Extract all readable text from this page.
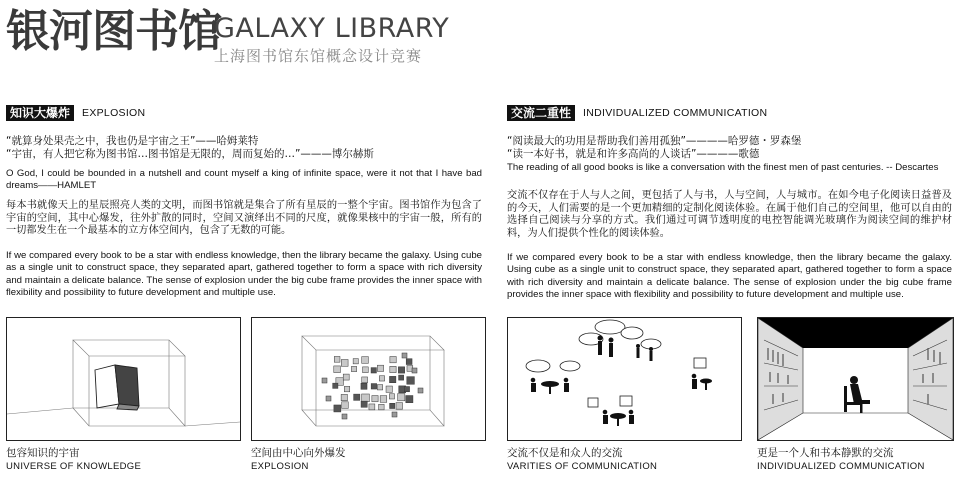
银河图书馆
GALAXY LIBRARY
上海图书馆东馆概念设计竞赛
知识大爆炸	EXPLOSION
“就算身处果壳之中，我也仍是宇宙之王”——哈姆莱特
“宇宙，有人把它称为图书馆…图书馆是无限的，周而复始的…”———博尔赫斯
O God, I could be bounded in a nutshell and count myself a king of infinite space, were it not that I have bad dreams——HAMLET
每本书就像天上的星辰照亮人类的文明，而图书馆就是集合了所有星辰的一整个宇宙。图书馆作为包含了宇宙的空间，其中心爆发，往外扩散的同时，空间又演绎出不同的尺度，就像果核中的宇宙一般，所有的一切都发生在一个最基本的立方体空间内，包含了无数的可能。
If we compared every book to be a star with endless knowledge, then the library became the galaxy. Using cube as a single unit to construct space, they separated apart, gathered together to form a space with rich diversity and maintain a delicate balance. The sense of explosion under the big cube frame provides the inner space with flexibility and possibility to future development and multiple use.
交流二重性	INDIVIDUALIZED COMMUNICATION
“阅读最大的功用是帮助我们善用孤独”————哈罗德・罗森堡
“读一本好书，就是和许多高尚的人谈话”————歌德
The reading of all good books is like a conversation with the finest men of past centuries. -- Descartes
交流不仅存在于人与人之间，更包括了人与书，人与空间，人与城市。在如今电子化阅读日益普及的今天，人们需要的是一个更加精细的定制化阅读体验。在属于他们自己的空间里，他可以自由的选择自己阅读与分享的方式。我们通过可调节透明度的电控智能调光玻璃作为阅读空间的维护材料，为人们提供个性化的阅读体验。
If we compared every book to be a star with endless knowledge, then the library became the galaxy. Using cube as a single unit to construct space, they separated apart, gathered together to form a space with rich diversity and maintain a delicate balance. The sense of explosion under the big cube frame provides the inner space with flexibility and possibility to future development and multiple use.
包容知识的宇宙
UNIVERSE OF KNOWLEDGE
空间由中心向外爆发
EXPLOSION
交流不仅是和众人的交流
VARITIES OF COMMUNICATION
更是一个人和书本静默的交流
INDIVIDUALIZED COMMUNICATION
